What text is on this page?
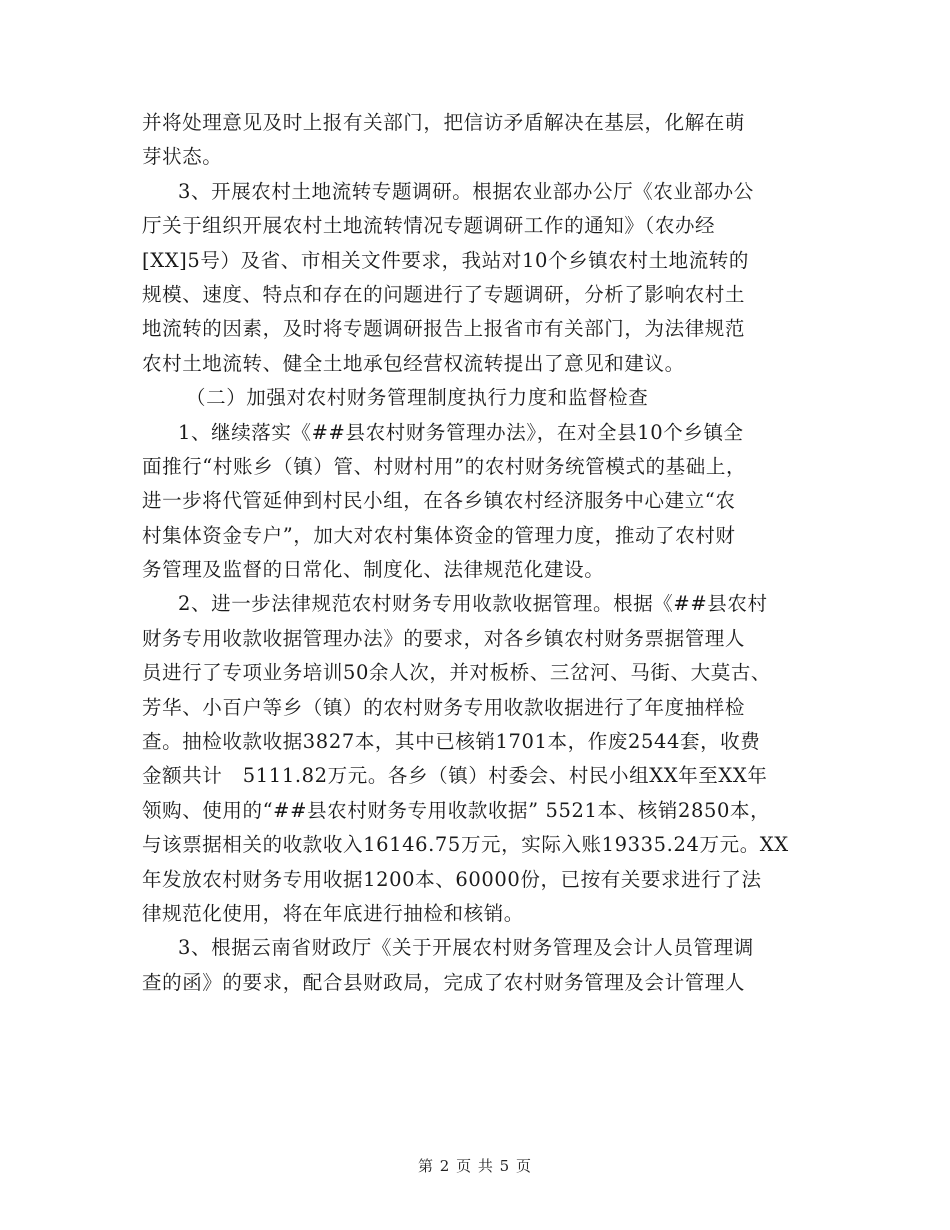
并将处理意见及时上报有关部门，把信访矛盾解决在基层，化解在萌
芽状态。
3、开展农村土地流转专题调研。根据农业部办公厅《农业部办公
厅关于组织开展农村土地流转情况专题调研工作的通知》（农办经
[XX]5号）及省、市相关文件要求，我站对10个乡镇农村土地流转的
规模、速度、特点和存在的问题进行了专题调研，分析了影响农村土
地流转的因素，及时将专题调研报告上报省市有关部门，为法律规范
农村土地流转、健全土地承包经营权流转提出了意见和建议。
（二）加强对农村财务管理制度执行力度和监督检查
1、继续落实《##县农村财务管理办法》，在对全县10个乡镇全
面推行“村账乡（镇）管、村财村用”的农村财务统管模式的基础上，
进一步将代管延伸到村民小组，在各乡镇农村经济服务中心建立“农
村集体资金专户”，加大对农村集体资金的管理力度，推动了农村财
务管理及监督的日常化、制度化、法律规范化建设。
2、进一步法律规范农村财务专用收款收据管理。根据《##县农村
财务专用收款收据管理办法》的要求，对各乡镇农村财务票据管理人
员进行了专项业务培训50余人次，并对板桥、三岔河、马街、大莫古、
芳华、小百户等乡（镇）的农村财务专用收款收据进行了年度抽样检
查。抽检收款收据3827本，其中已核销1701本，作废2544套，收费
金额共计   5111.82万元。各乡（镇）村委会、村民小组XX年至XX年
领购、使用的“##县农村财务专用收款收据” 5521本、核销2850本，
与该票据相关的收款收入16146.75万元，实际入账19335.24万元。XX
年发放农村财务专用收据1200本、60000份，已按有关要求进行了法
律规范化使用，将在年底进行抽检和核销。
3、根据云南省财政厅《关于开展农村财务管理及会计人员管理调
查的函》的要求，配合县财政局，完成了农村财务管理及会计管理人
第 2 页 共 5 页
